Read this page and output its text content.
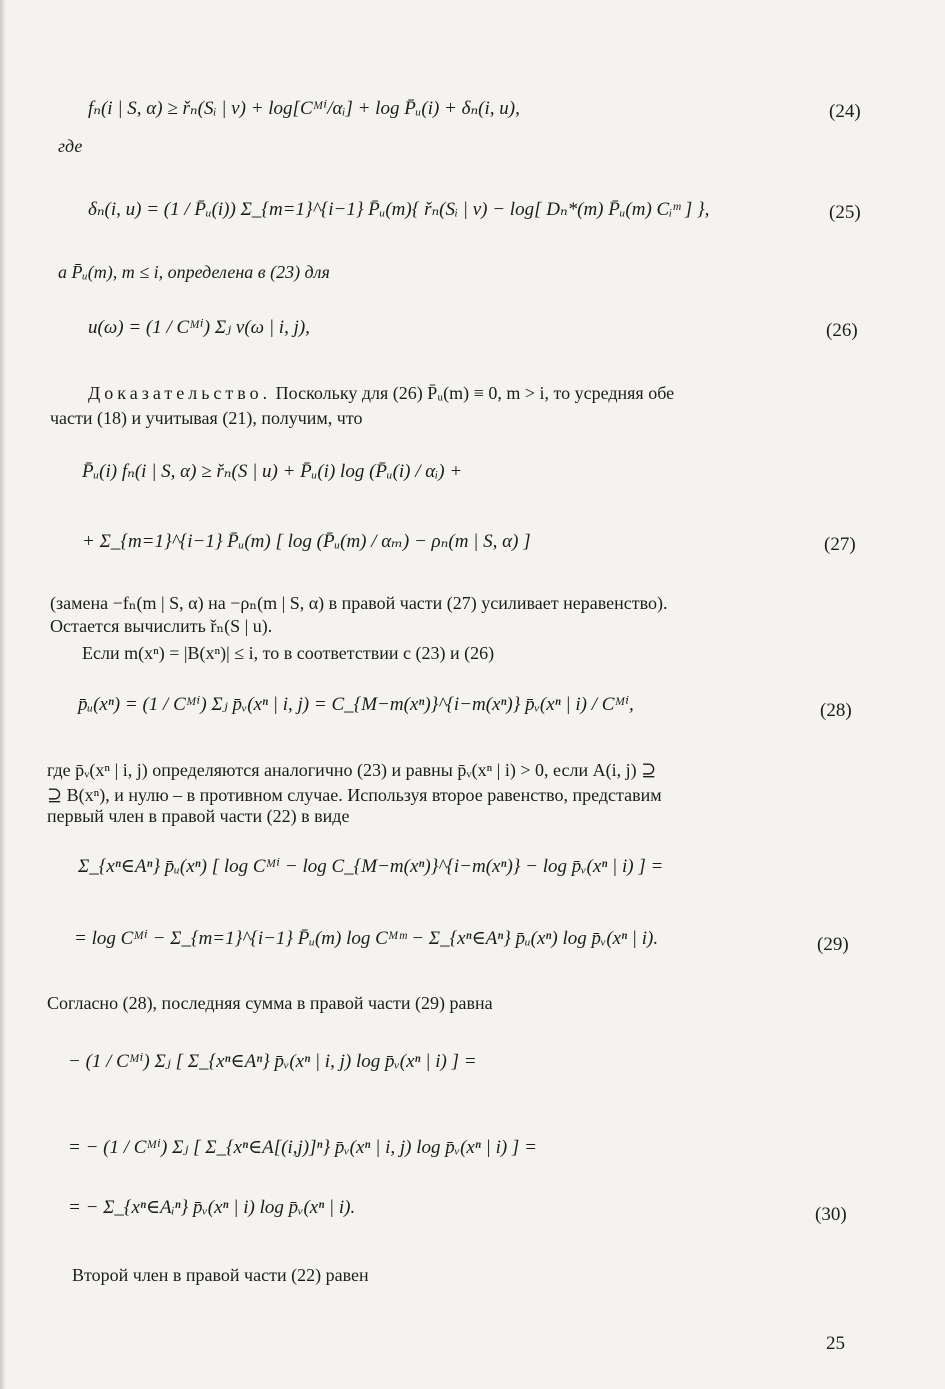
fₙ(i | S, α) ≥ řₙ(Sᵢ | v) + log[Cᴹⁱ/αᵢ] + log P̄ᵤ(i) + δₙ(i, u),	(24)
где
δₙ(i, u) = (1 / P̄ᵤ(i)) Σ_{m=1}^{i−1} P̄ᵤ(m){ řₙ(Sᵢ | v) − log[ Dₙ*(m) P̄ᵤ(m) Cᵢᵐ ] },	(25)
а P̄ᵤ(m), m ≤ i, определена в (23) для
u(ω) = (1 / Cᴹⁱ) Σⱼ v(ω | i, j),	(26)
Доказательство. Поскольку для (26) P̄ᵤ(m) ≡ 0, m > i, то усредняя обе
части (18) и учитывая (21), получим, что
P̄ᵤ(i) fₙ(i | S, α) ≥ řₙ(S | u) + P̄ᵤ(i) log (P̄ᵤ(i) / αᵢ) +
+ Σ_{m=1}^{i−1} P̄ᵤ(m) [ log (P̄ᵤ(m) / αₘ) − ρₙ(m | S, α) ]	(27)
(замена −fₙ(m | S, α) на −ρₙ(m | S, α) в правой части (27) усиливает неравенство).
Остается вычислить řₙ(S | u).
Если m(xⁿ) = |B(xⁿ)| ≤ i, то в соответствии с (23) и (26)
p̄ᵤ(xⁿ) = (1 / Cᴹⁱ) Σⱼ p̄ᵥ(xⁿ | i, j) = C_{M−m(xⁿ)}^{i−m(xⁿ)} p̄ᵥ(xⁿ | i) / Cᴹⁱ,	(28)
где p̄ᵥ(xⁿ | i, j) определяются аналогично (23) и равны p̄ᵥ(xⁿ | i) > 0, если A(i, j) ⊇
⊇ B(xⁿ), и нулю – в противном случае. Используя второе равенство, представим
первый член в правой части (22) в виде
Σ_{xⁿ∈Aⁿ} p̄ᵤ(xⁿ) [ log Cᴹⁱ − log C_{M−m(xⁿ)}^{i−m(xⁿ)} − log p̄ᵥ(xⁿ | i) ] =
= log Cᴹⁱ − Σ_{m=1}^{i−1} P̄ᵤ(m) log Cᴹᵐ − Σ_{xⁿ∈Aⁿ} p̄ᵤ(xⁿ) log p̄ᵥ(xⁿ | i).	(29)
Согласно (28), последняя сумма в правой части (29) равна
− (1 / Cᴹⁱ) Σⱼ [ Σ_{xⁿ∈Aⁿ} p̄ᵥ(xⁿ | i, j) log p̄ᵥ(xⁿ | i) ] =
= − (1 / Cᴹⁱ) Σⱼ [ Σ_{xⁿ∈A[(i,j)]ⁿ} p̄ᵥ(xⁿ | i, j) log p̄ᵥ(xⁿ | i) ] =
= − Σ_{xⁿ∈Aᵢⁿ} p̄ᵥ(xⁿ | i) log p̄ᵥ(xⁿ | i).	(30)
Второй член в правой части (22) равен
25
